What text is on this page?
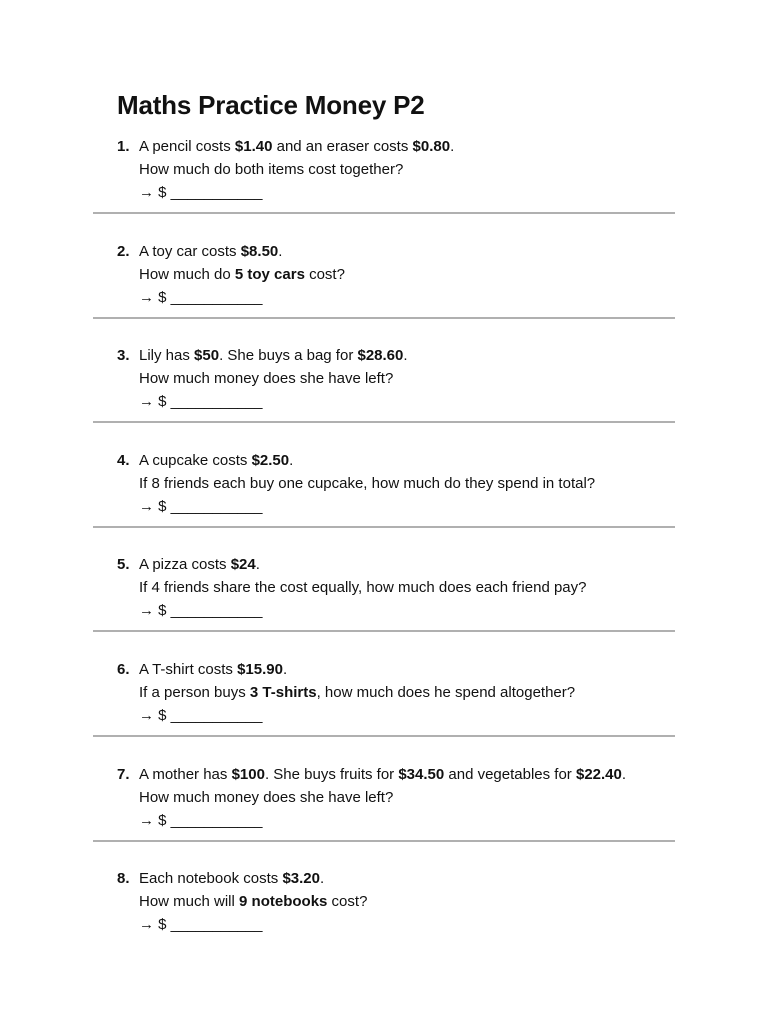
Maths Practice Money P2
1. A pencil costs $1.40 and an eraser costs $0.80.
How much do both items cost together?
→ $ ___________
2. A toy car costs $8.50.
How much do 5 toy cars cost?
→ $ ___________
3. Lily has $50. She buys a bag for $28.60.
How much money does she have left?
→ $ ___________
4. A cupcake costs $2.50.
If 8 friends each buy one cupcake, how much do they spend in total?
→ $ ___________
5. A pizza costs $24.
If 4 friends share the cost equally, how much does each friend pay?
→ $ ___________
6. A T-shirt costs $15.90.
If a person buys 3 T-shirts, how much does he spend altogether?
→ $ ___________
7. A mother has $100. She buys fruits for $34.50 and vegetables for $22.40.
How much money does she have left?
→ $ ___________
8. Each notebook costs $3.20.
How much will 9 notebooks cost?
→ $ ___________
